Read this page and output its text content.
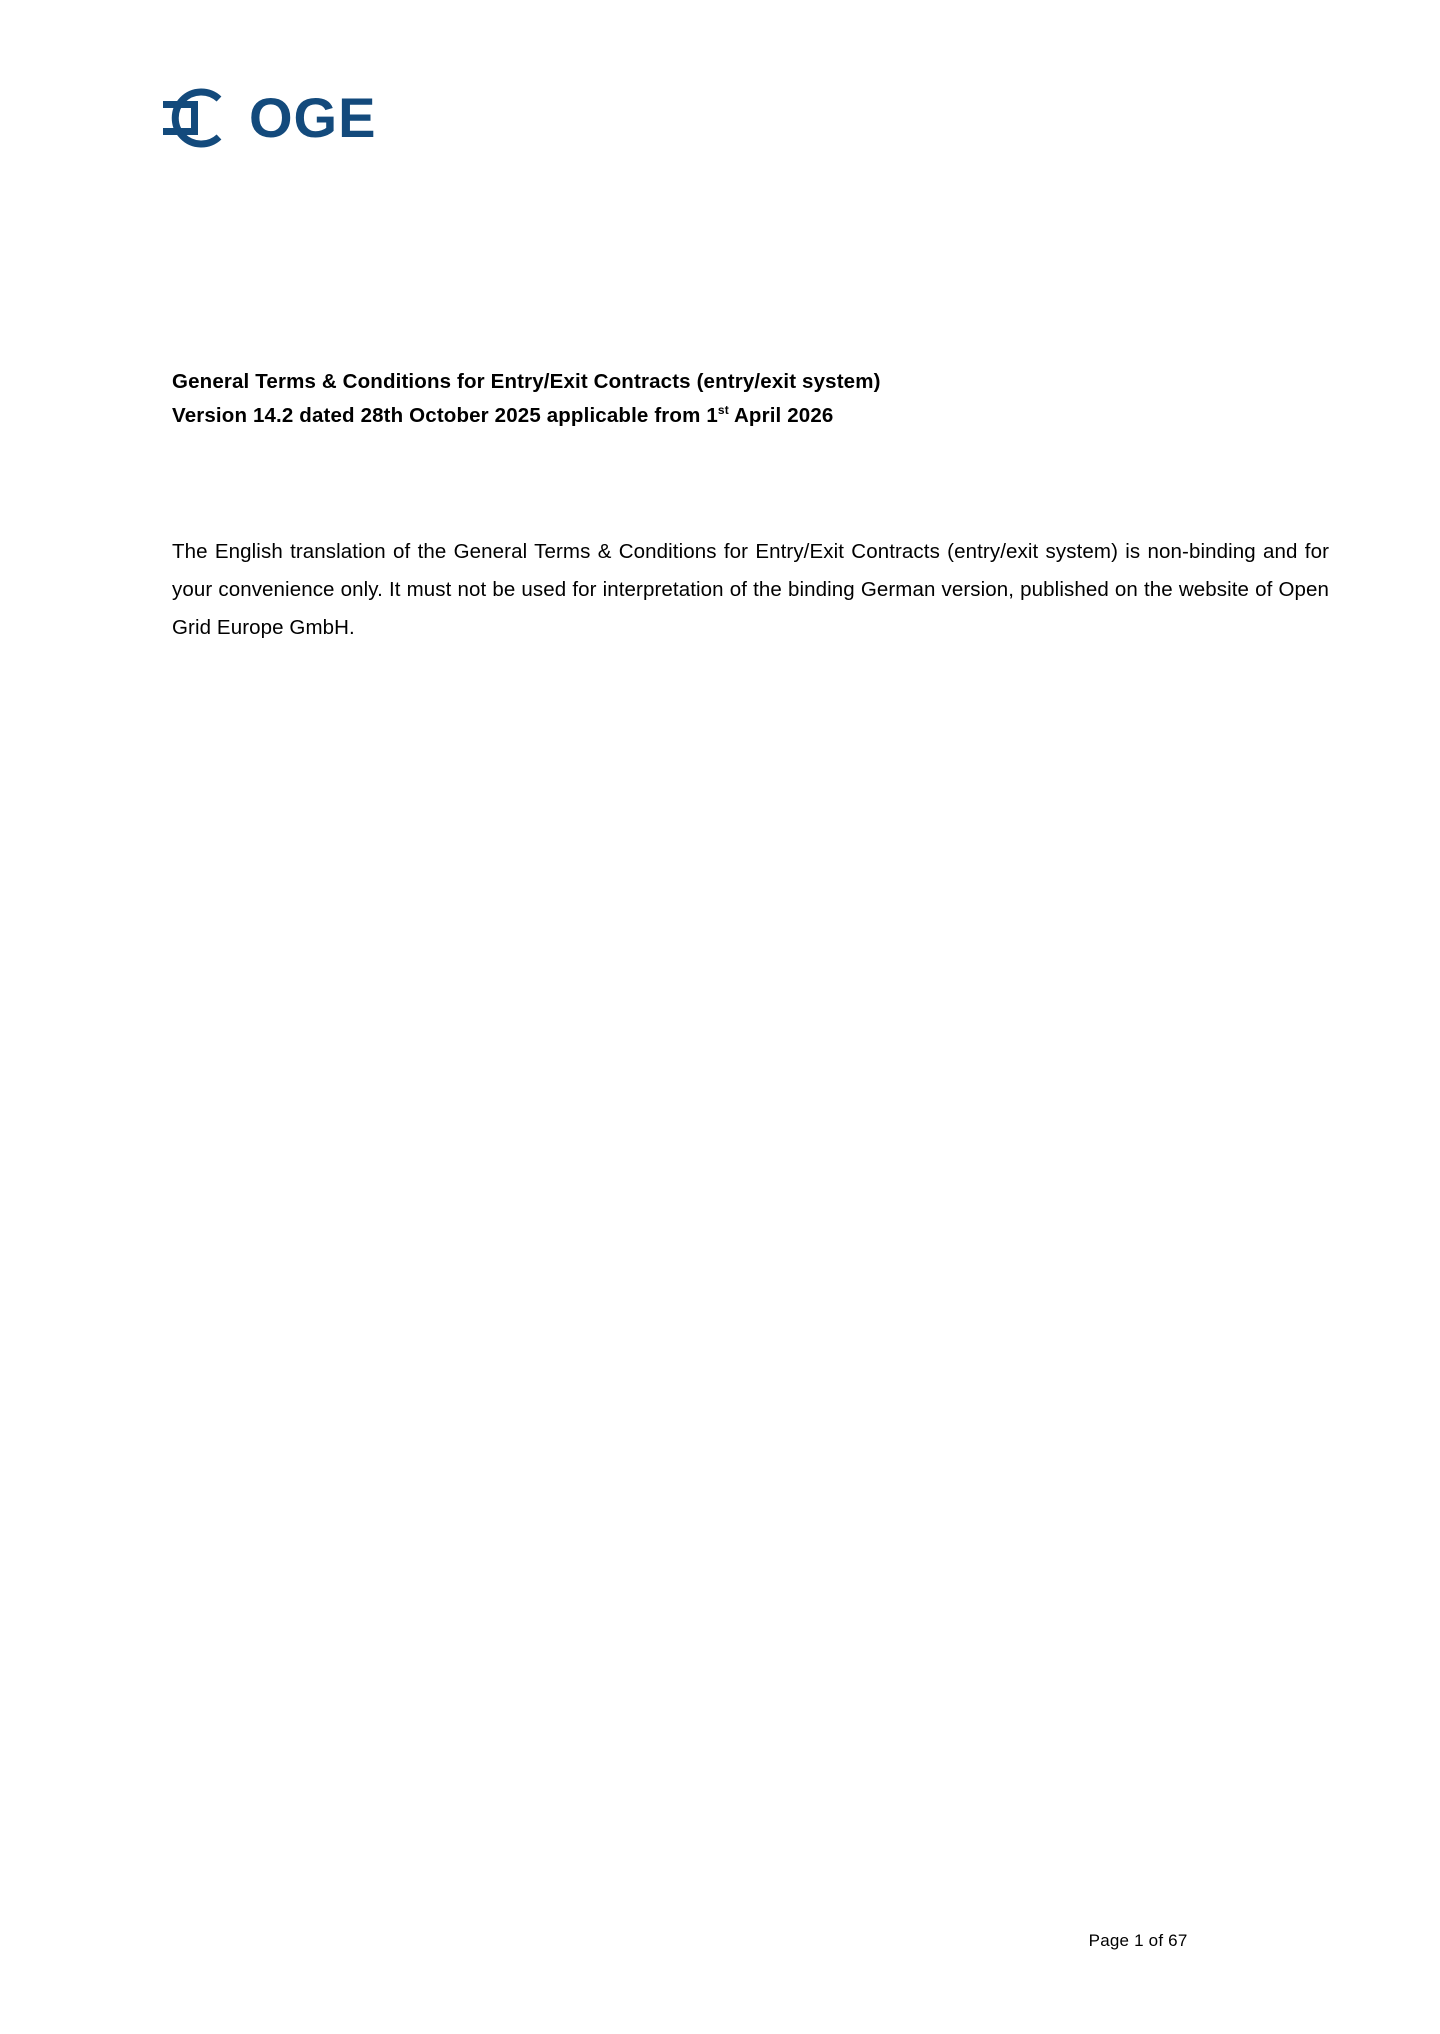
OGE
General Terms & Conditions for Entry/Exit Contracts (entry/exit system)
Version 14.2 dated 28th October 2025 applicable from 1st April 2026

The English translation of the General Terms & Conditions for Entry/Exit Contracts (entry/exit system) is non-binding and for your convenience only. It must not be used for interpretation of the binding German version, published on the website of Open Grid Europe GmbH.

Page 1 of 67
